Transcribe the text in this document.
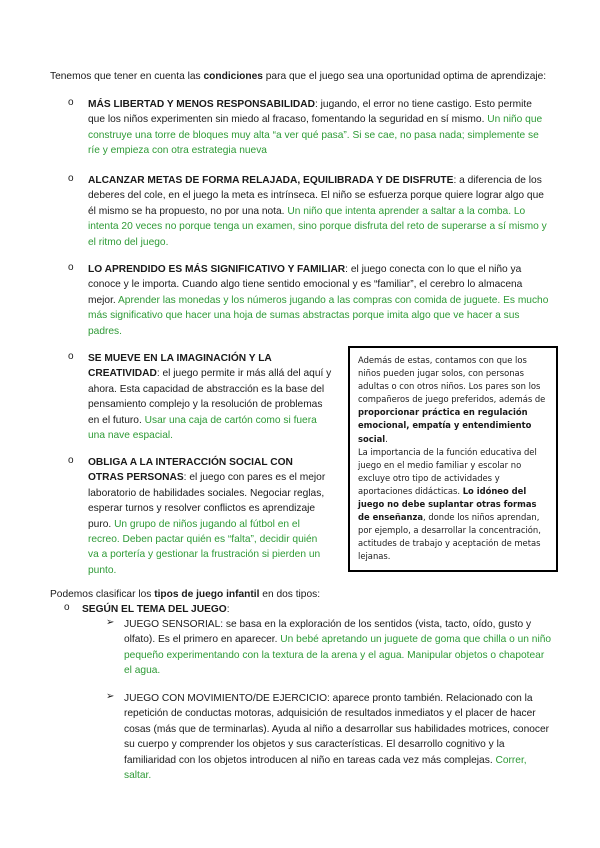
Tenemos que tener en cuenta las condiciones para que el juego sea una oportunidad optima de aprendizaje:

o MÁS LIBERTAD Y MENOS RESPONSABILIDAD: jugando, el error no tiene castigo. Esto permite que los niños experimenten sin miedo al fracaso, fomentando la seguridad en sí mismo. Un niño que construye una torre de bloques muy alta “a ver qué pasa”. Si se cae, no pasa nada; simplemente se ríe y empieza con otra estrategia nueva

o ALCANZAR METAS DE FORMA RELAJADA, EQUILIBRADA Y DE DISFRUTE: a diferencia de los deberes del cole, en el juego la meta es intrínseca. El niño se esfuerza porque quiere lograr algo que él mismo se ha propuesto, no por una nota. Un niño que intenta aprender a saltar a la comba. Lo intenta 20 veces no porque tenga un examen, sino porque disfruta del reto de superarse a sí mismo y el ritmo del juego.

o LO APRENDIDO ES MÁS SIGNIFICATIVO Y FAMILIAR: el juego conecta con lo que el niño ya conoce y le importa. Cuando algo tiene sentido emocional y es “familiar”, el cerebro lo almacena mejor. Aprender las monedas y los números jugando a las compras con comida de juguete. Es mucho más significativo que hacer una hoja de sumas abstractas porque imita algo que ve hacer a sus padres.

o SE MUEVE EN LA IMAGINACIÓN Y LA CREATIVIDAD: el juego permite ir más allá del aquí y ahora. Esta capacidad de abstracción es la base del pensamiento complejo y la resolución de problemas en el futuro. Usar una caja de cartón como si fuera una nave espacial.

o OBLIGA A LA INTERACCIÓN SOCIAL CON OTRAS PERSONAS: el juego con pares es el mejor laboratorio de habilidades sociales. Negociar reglas, esperar turnos y resolver conflictos es aprendizaje puro. Un grupo de niños jugando al fútbol en el recreo. Deben pactar quién es “falta”, decidir quién va a portería y gestionar la frustración si pierden un punto.

Además de estas, contamos con que los niños pueden jugar solos, con personas adultas o con otros niños. Los pares son los compañeros de juego preferidos, además de proporcionar práctica en regulación emocional, empatía y entendimiento social.
La importancia de la función educativa del juego en el medio familiar y escolar no excluye otro tipo de actividades y aportaciones didácticas. Lo idóneo del juego no debe suplantar otras formas de enseñanza, donde los niños aprendan, por ejemplo, a desarrollar la concentración, actitudes de trabajo y aceptación de metas lejanas.

Podemos clasificar los tipos de juego infantil en dos tipos:

o SEGÚN EL TEMA DEL JUEGO:

➢ JUEGO SENSORIAL: se basa en la exploración de los sentidos (vista, tacto, oído, gusto y olfato). Es el primero en aparecer. Un bebé apretando un juguete de goma que chilla o un niño pequeño experimentando con la textura de la arena y el agua. Manipular objetos o chapotear el agua.

➢ JUEGO CON MOVIMIENTO/DE EJERCICIO: aparece pronto también. Relacionado con la repetición de conductas motoras, adquisición de resultados inmediatos y el placer de hacer cosas (más que de terminarlas). Ayuda al niño a desarrollar sus habilidades motrices, conocer su cuerpo y comprender los objetos y sus características. El desarrollo cognitivo y la familiaridad con los objetos introducen al niño en tareas cada vez más complejas. Correr, saltar.
